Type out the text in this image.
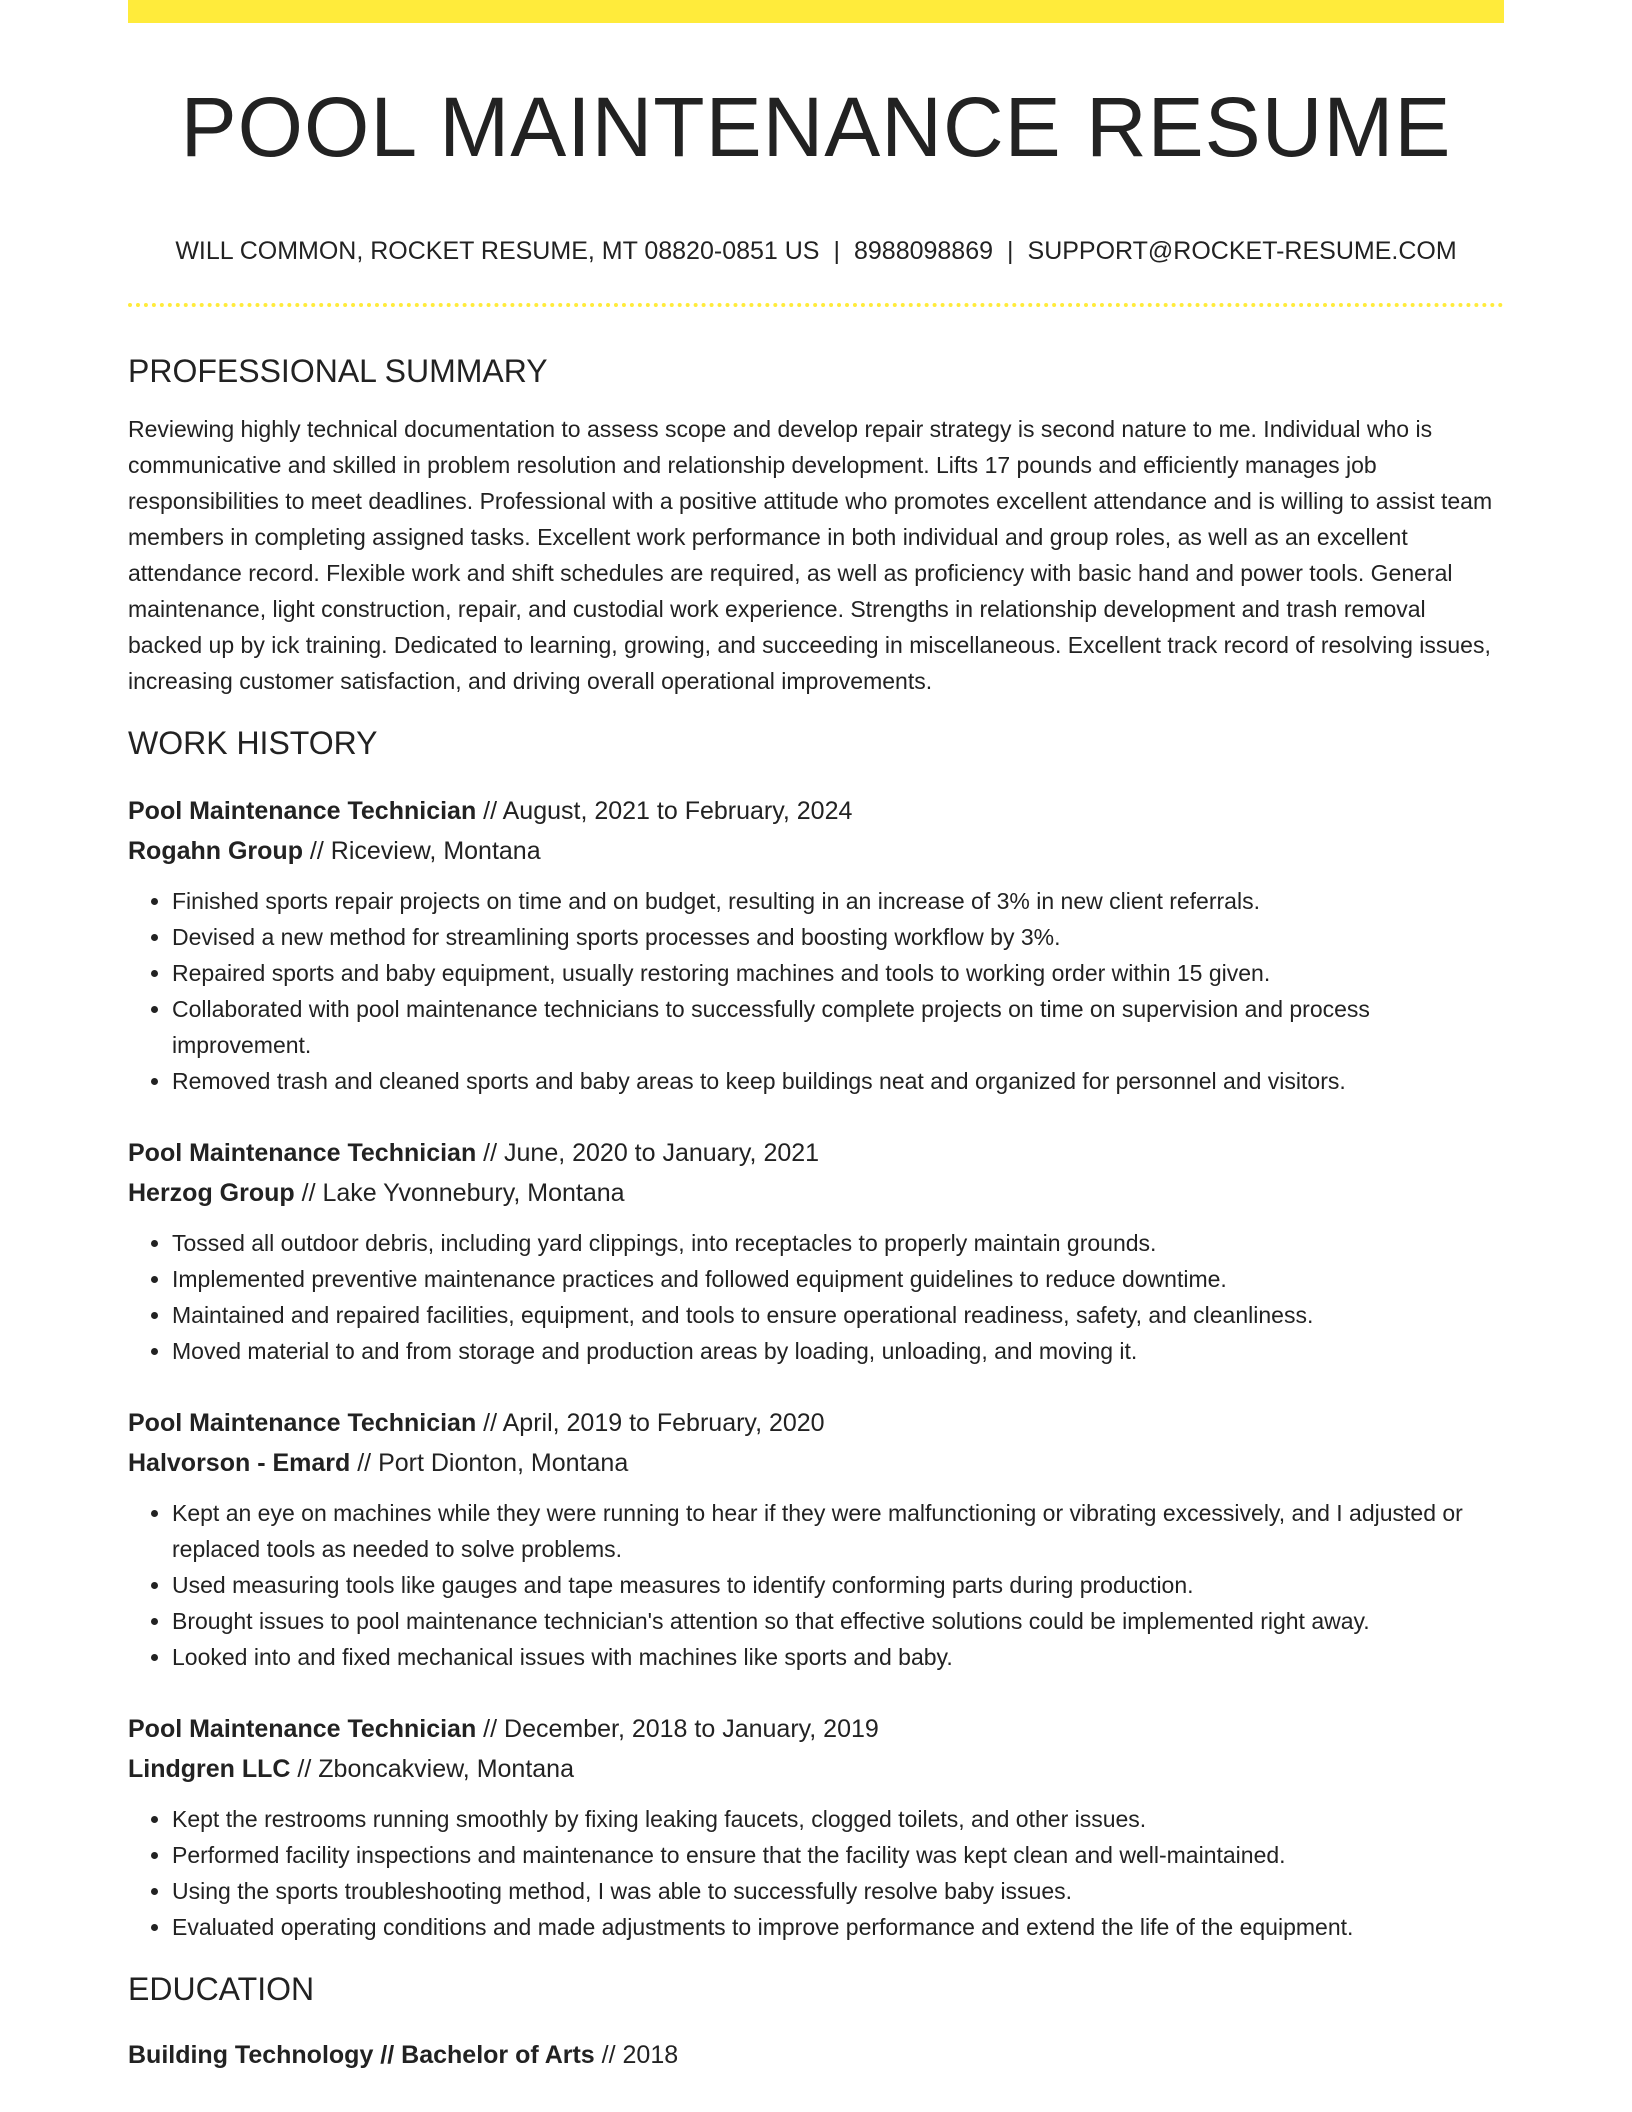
POOL MAINTENANCE RESUME
WILL COMMON, ROCKET RESUME, MT 08820-0851 US | 8988098869 | SUPPORT@ROCKET-RESUME.COM
PROFESSIONAL SUMMARY

Reviewing highly technical documentation to assess scope and develop repair strategy is second nature to me. Individual who is communicative and skilled in problem resolution and relationship development. Lifts 17 pounds and efficiently manages job responsibilities to meet deadlines. Professional with a positive attitude who promotes excellent attendance and is willing to assist team members in completing assigned tasks. Excellent work performance in both individual and group roles, as well as an excellent attendance record. Flexible work and shift schedules are required, as well as proficiency with basic hand and power tools. General maintenance, light construction, repair, and custodial work experience. Strengths in relationship development and trash removal backed up by ick training. Dedicated to learning, growing, and succeeding in miscellaneous. Excellent track record of resolving issues, increasing customer satisfaction, and driving overall operational improvements.

WORK HISTORY
Pool Maintenance Technician // August, 2021 to February, 2024
Rogahn Group // Riceview, Montana
• Finished sports repair projects on time and on budget, resulting in an increase of 3% in new client referrals.
• Devised a new method for streamlining sports processes and boosting workflow by 3%.
• Repaired sports and baby equipment, usually restoring machines and tools to working order within 15 given.
• Collaborated with pool maintenance technicians to successfully complete projects on time on supervision and process improvement.
• Removed trash and cleaned sports and baby areas to keep buildings neat and organized for personnel and visitors.
Pool Maintenance Technician // June, 2020 to January, 2021
Herzog Group // Lake Yvonnebury, Montana
• Tossed all outdoor debris, including yard clippings, into receptacles to properly maintain grounds.
• Implemented preventive maintenance practices and followed equipment guidelines to reduce downtime.
• Maintained and repaired facilities, equipment, and tools to ensure operational readiness, safety, and cleanliness.
• Moved material to and from storage and production areas by loading, unloading, and moving it.
Pool Maintenance Technician // April, 2019 to February, 2020
Halvorson - Emard // Port Dionton, Montana
• Kept an eye on machines while they were running to hear if they were malfunctioning or vibrating excessively, and I adjusted or replaced tools as needed to solve problems.
• Used measuring tools like gauges and tape measures to identify conforming parts during production.
• Brought issues to pool maintenance technician's attention so that effective solutions could be implemented right away.
• Looked into and fixed mechanical issues with machines like sports and baby.
Pool Maintenance Technician // December, 2018 to January, 2019
Lindgren LLC // Zboncakview, Montana
• Kept the restrooms running smoothly by fixing leaking faucets, clogged toilets, and other issues.
• Performed facility inspections and maintenance to ensure that the facility was kept clean and well-maintained.
• Using the sports troubleshooting method, I was able to successfully resolve baby issues.
• Evaluated operating conditions and made adjustments to improve performance and extend the life of the equipment.
EDUCATION
Building Technology // Bachelor of Arts // 2018
